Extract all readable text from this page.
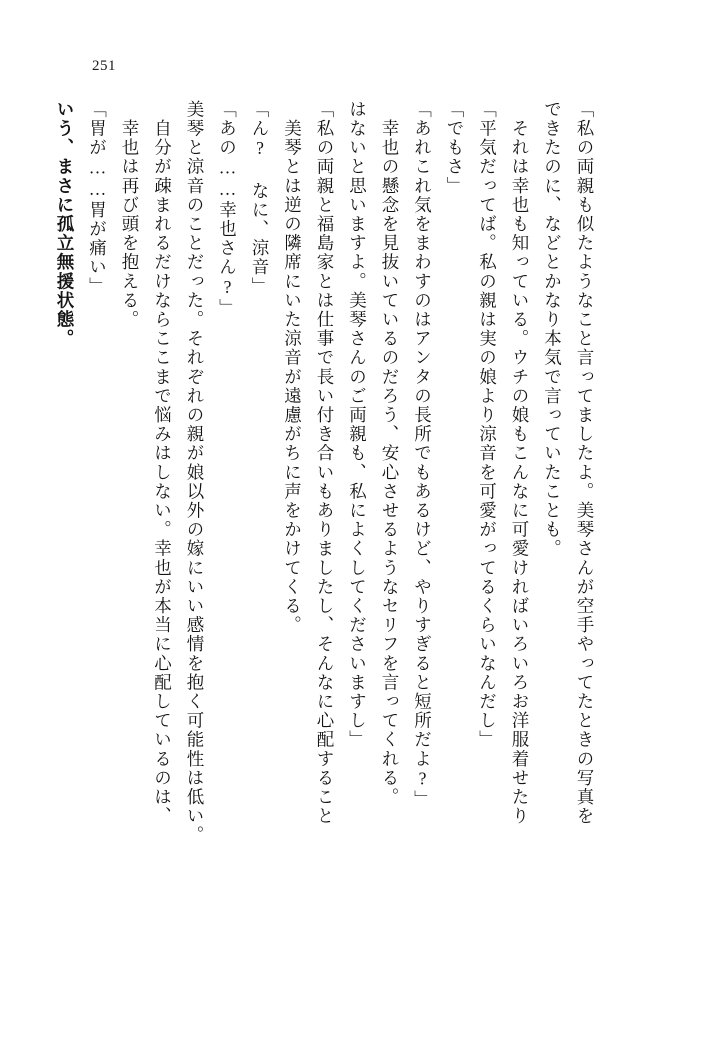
251
いう、まさに孤立無援状態。 「胃が……胃が痛い」 　幸也は再び頭を抱える。 　自分が疎まれるだけならここまで悩みはしない。幸也が本当に心配しているのは、 美琴と涼音のことだった。それぞれの親が娘以外の嫁にいい感情を抱く可能性は低い。 「あの……幸也さん?」 「ん? なに、涼音」 　美琴とは逆の隣席にいた涼音が遠慮がちに声をかけてくる。 「私の両親と福島家とは仕事で長い付き合いもありましたし、そんなに心配すること はないと思いますよ。美琴さんのご両親も、私によくしてくださいますし」 　幸也の懸念を見抜いているのだろう、安心させるようなセリフを言ってくれる。 「あれこれ気をまわすのはアンタの長所でもあるけど、やりすぎると短所だよ?」 「でもさ」 「平気だってば。私の親は実の娘より涼音を可愛がってるくらいなんだし」 　それは幸也も知っている。ウチの娘もこんなに可愛ければいろいろお洋服着せたり できたのに、などとかなり本気で言っていたことも。 「私の両親も似たようなこと言ってましたよ。美琴さんが空手やってたときの写真を
